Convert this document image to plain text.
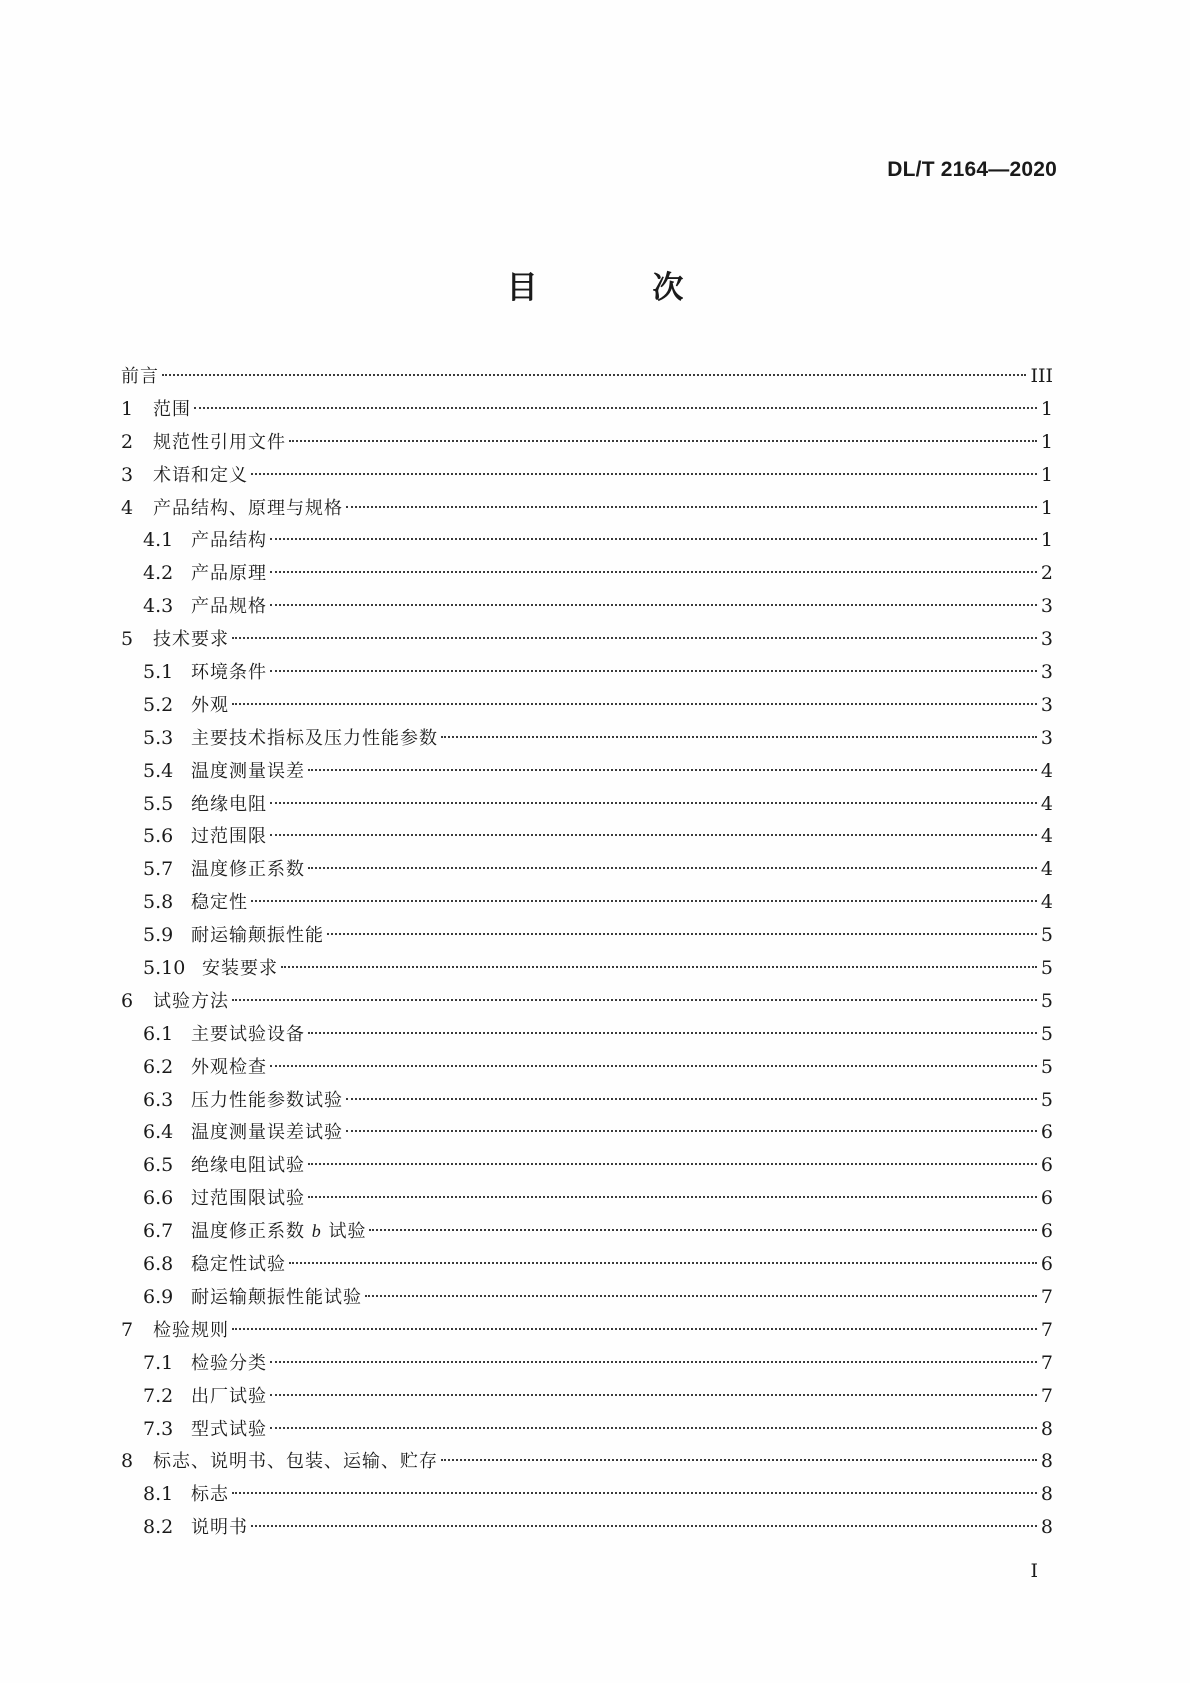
DL/T 2164—2020
目 次
前言	III
1	范围	1
2	规范性引用文件	1
3	术语和定义	1
4	产品结构、原理与规格	1
4.1 产品结构	1
4.2 产品原理	2
4.3 产品规格	3
5	技术要求	3
5.1 环境条件	3
5.2 外观	3
5.3 主要技术指标及压力性能参数	3
5.4 温度测量误差	4
5.5 绝缘电阻	4
5.6 过范围限	4
5.7 温度修正系数	4
5.8 稳定性	4
5.9 耐运输颠振性能	5
5.10 安装要求	5
6	试验方法	5
6.1 主要试验设备	5
6.2 外观检查	5
6.3 压力性能参数试验	5
6.4 温度测量误差试验	6
6.5 绝缘电阻试验	6
6.6 过范围限试验	6
6.7 温度修正系数 b 试验	6
6.8 稳定性试验	6
6.9 耐运输颠振性能试验	7
7	检验规则	7
7.1 检验分类	7
7.2 出厂试验	7
7.3 型式试验	8
8	标志、说明书、包装、运输、贮存	8
8.1 标志	8
8.2 说明书	8
I
